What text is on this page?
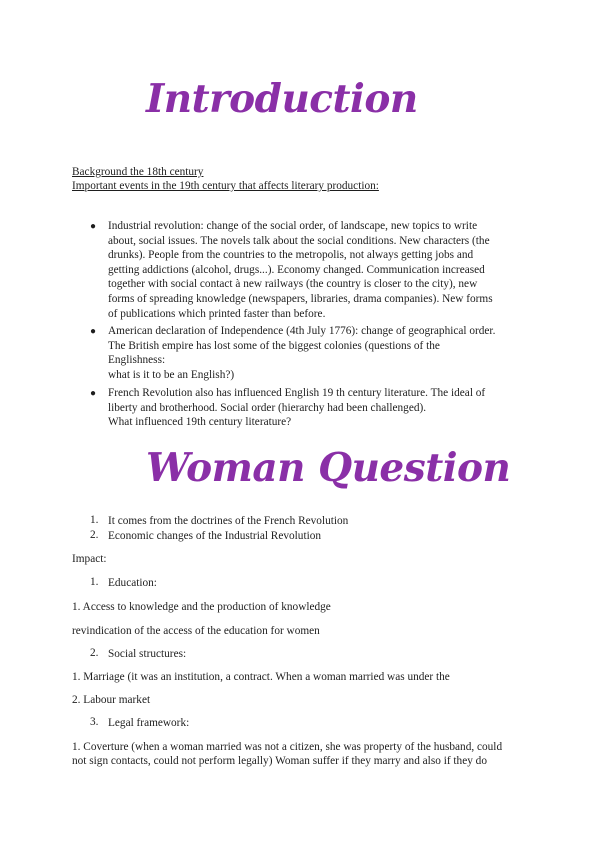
Introduction
Background the 18th century
Important events in the 19th century that affects literary production:
● Industrial revolution: change of the social order, of landscape, new topics to write
about, social issues. The novels talk about the social conditions. New characters (the
drunks). People from the countries to the metropolis, not always getting jobs and
getting addictions (alcohol, drugs...). Economy changed. Communication increased
together with social contact à new railways (the country is closer to the city), new
forms of spreading knowledge (newspapers, libraries, drama companies). New forms
of publications which printed faster than before.
● American declaration of Independence (4th July 1776): change of geographical order.
The British empire has lost some of the biggest colonies (questions of the
Englishness:
what is it to be an English?)
● French Revolution also has influenced English 19 th century literature. The ideal of
liberty and brotherhood. Social order (hierarchy had been challenged).
What influenced 19th century literature?
Woman Question
1. It comes from the doctrines of the French Revolution
2. Economic changes of the Industrial Revolution
Impact:
1. Education:
1. Access to knowledge and the production of knowledge
revindication of the access of the education for women
2. Social structures:
1. Marriage (it was an institution, a contract. When a woman married was under the
2. Labour market
3. Legal framework:
1. Coverture (when a woman married was not a citizen, she was property of the husband, could
not sign contacts, could not perform legally) Woman suffer if they marry and also if they do
